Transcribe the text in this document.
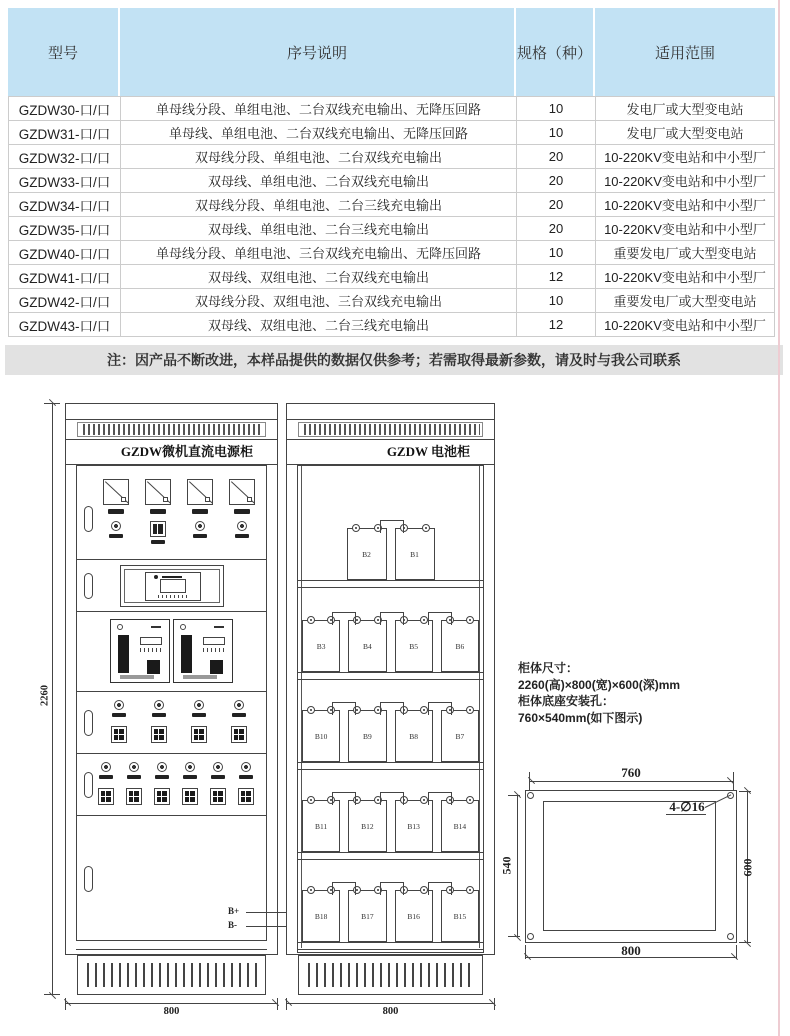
型号	序号说明	规格（种）	适用范围
GZDW30-口/口	单母线分段、单组电池、二台双线充电输出、无降压回路	10	发电厂或大型变电站
GZDW31-口/口	单母线、单组电池、二台双线充电输出、无降压回路	10	发电厂或大型变电站
GZDW32-口/口	双母线分段、单组电池、二台双线充电输出	20	10-220KV变电站和中小型厂
GZDW33-口/口	双母线、单组电池、二台双线充电输出	20	10-220KV变电站和中小型厂
GZDW34-口/口	双母线分段、单组电池、二台三线充电输出	20	10-220KV变电站和中小型厂
GZDW35-口/口	双母线、单组电池、二台三线充电输出	20	10-220KV变电站和中小型厂
GZDW40-口/口	单母线分段、单组电池、三台双线充电输出、无降压回路	10	重要发电厂或大型变电站
GZDW41-口/口	双母线、双组电池、二台双线充电输出	12	10-220KV变电站和中小型厂
GZDW42-口/口	双母线分段、双组电池、三台双线充电输出	10	重要发电厂或大型变电站
GZDW43-口/口	双母线、双组电池、二台三线充电输出	12	10-220KV变电站和中小型厂
注：因产品不断改进，本样品提供的数据仅供参考；若需取得最新参数，请及时与我公司联系
GZDW微机直流电源柜
B+
B-
GZDW 电池柜
B2	B1
B3	B4	B5	B6
B10	B9	B8	B7
B11	B12	B13	B14
B18	B17	B16	B15
2260
800	800
柜体尺寸：
2260(高)×800(宽)×600(深)mm
柜体底座安装孔：
760×540mm(如下图示)
760
800
540	600
4-∅16
